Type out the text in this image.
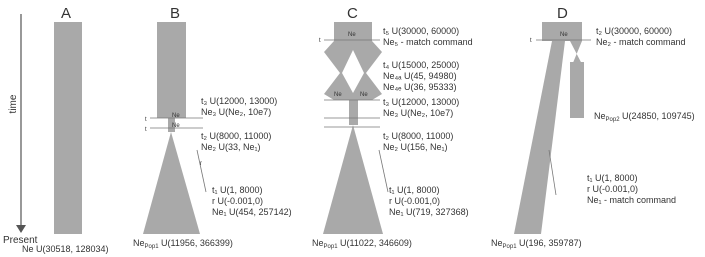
time
Present
A
Ne U(30518, 128034)
B
t
t
Ne
Ne
r
t₃ U(12000, 13000)
Ne₃ U(Ne₂, 10e7)
t₂ U(8000, 11000)
Ne₂ U(33, Ne₁)
t₁ U(1, 8000)
r U(-0.001,0)
Ne₁ U(454, 257142)
$Ne_{Pop1}$ U(11956, 366399)
C
Ne
t
Ne	Ne
t₅ U(30000, 60000)
Ne₅ - match command
t₄ U(15000, 25000)
Ne₄ₐ U(45, 94980)
Ne₄ₑ U(36, 95333)
t₃ U(12000, 13000)
Ne₃ U(Ne₂, 10e7)
t₂ U(8000, 11000)
Ne₂ U(156, Ne₁)
t₁ U(1, 8000)
r U(-0.001,0)
Ne₁ U(719, 327368)
$Ne_{Pop1}$ U(11022, 346609)
D
Ne
t
t₂ U(30000, 60000)
Ne₂ - match command
$Ne_{Pop2}$ U(24850, 109745)
t₁ U(1, 8000)
r U(-0.001,0)
Ne₁ - match command
$Ne_{Pop1}$ U(196, 359787)
